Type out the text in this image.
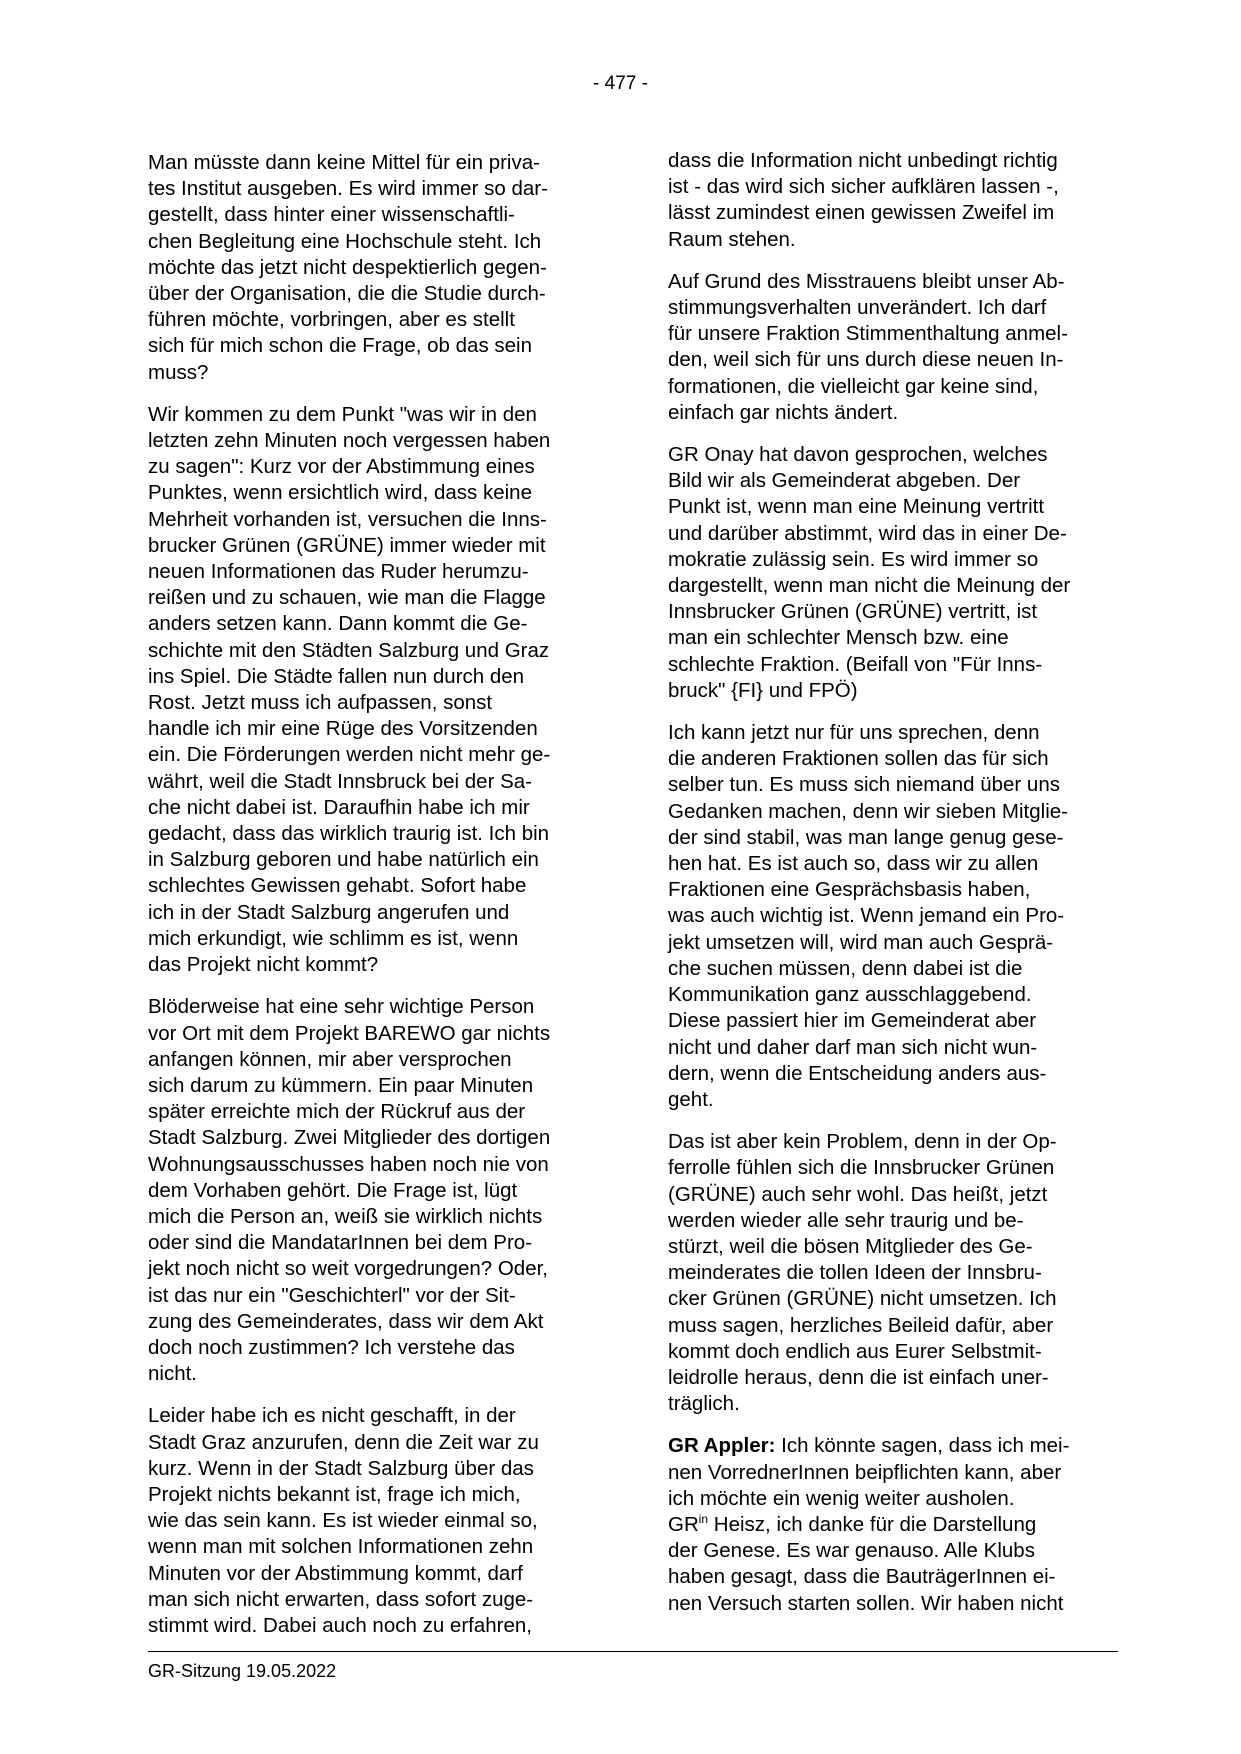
- 477 -
Man müsste dann keine Mittel für ein priva-
tes Institut ausgeben. Es wird immer so dar-
gestellt, dass hinter einer wissenschaftli-
chen Begleitung eine Hochschule steht. Ich
möchte das jetzt nicht despektierlich gegen-
über der Organisation, die die Studie durch-
führen möchte, vorbringen, aber es stellt
sich für mich schon die Frage, ob das sein
muss?
Wir kommen zu dem Punkt "was wir in den
letzten zehn Minuten noch vergessen haben
zu sagen": Kurz vor der Abstimmung eines
Punktes, wenn ersichtlich wird, dass keine
Mehrheit vorhanden ist, versuchen die Inns-
brucker Grünen (GRÜNE) immer wieder mit
neuen Informationen das Ruder herumzu-
reißen und zu schauen, wie man die Flagge
anders setzen kann. Dann kommt die Ge-
schichte mit den Städten Salzburg und Graz
ins Spiel. Die Städte fallen nun durch den
Rost. Jetzt muss ich aufpassen, sonst
handle ich mir eine Rüge des Vorsitzenden
ein. Die Förderungen werden nicht mehr ge-
währt, weil die Stadt Innsbruck bei der Sa-
che nicht dabei ist. Daraufhin habe ich mir
gedacht, dass das wirklich traurig ist. Ich bin
in Salzburg geboren und habe natürlich ein
schlechtes Gewissen gehabt. Sofort habe
ich in der Stadt Salzburg angerufen und
mich erkundigt, wie schlimm es ist, wenn
das Projekt nicht kommt?
Blöderweise hat eine sehr wichtige Person
vor Ort mit dem Projekt BAREWO gar nichts
anfangen können, mir aber versprochen
sich darum zu kümmern. Ein paar Minuten
später erreichte mich der Rückruf aus der
Stadt Salzburg. Zwei Mitglieder des dortigen
Wohnungsausschusses haben noch nie von
dem Vorhaben gehört. Die Frage ist, lügt
mich die Person an, weiß sie wirklich nichts
oder sind die MandatarInnen bei dem Pro-
jekt noch nicht so weit vorgedrungen? Oder,
ist das nur ein "Geschichterl" vor der Sit-
zung des Gemeinderates, dass wir dem Akt
doch noch zustimmen? Ich verstehe das
nicht.
Leider habe ich es nicht geschafft, in der
Stadt Graz anzurufen, denn die Zeit war zu
kurz. Wenn in der Stadt Salzburg über das
Projekt nichts bekannt ist, frage ich mich,
wie das sein kann. Es ist wieder einmal so,
wenn man mit solchen Informationen zehn
Minuten vor der Abstimmung kommt, darf
man sich nicht erwarten, dass sofort zuge-
stimmt wird. Dabei auch noch zu erfahren,
dass die Information nicht unbedingt richtig
ist - das wird sich sicher aufklären lassen -,
lässt zumindest einen gewissen Zweifel im
Raum stehen.
Auf Grund des Misstrauens bleibt unser Ab-
stimmungsverhalten unverändert. Ich darf
für unsere Fraktion Stimmenthaltung anmel-
den, weil sich für uns durch diese neuen In-
formationen, die vielleicht gar keine sind,
einfach gar nichts ändert.
GR Onay hat davon gesprochen, welches
Bild wir als Gemeinderat abgeben. Der
Punkt ist, wenn man eine Meinung vertritt
und darüber abstimmt, wird das in einer De-
mokratie zulässig sein. Es wird immer so
dargestellt, wenn man nicht die Meinung der
Innsbrucker Grünen (GRÜNE) vertritt, ist
man ein schlechter Mensch bzw. eine
schlechte Fraktion. (Beifall von "Für Inns-
bruck" {FI} und FPÖ)
Ich kann jetzt nur für uns sprechen, denn
die anderen Fraktionen sollen das für sich
selber tun. Es muss sich niemand über uns
Gedanken machen, denn wir sieben Mitglie-
der sind stabil, was man lange genug gese-
hen hat. Es ist auch so, dass wir zu allen
Fraktionen eine Gesprächsbasis haben,
was auch wichtig ist. Wenn jemand ein Pro-
jekt umsetzen will, wird man auch Gesprä-
che suchen müssen, denn dabei ist die
Kommunikation ganz ausschlaggebend.
Diese passiert hier im Gemeinderat aber
nicht und daher darf man sich nicht wun-
dern, wenn die Entscheidung anders aus-
geht.
Das ist aber kein Problem, denn in der Op-
ferrolle fühlen sich die Innsbrucker Grünen
(GRÜNE) auch sehr wohl. Das heißt, jetzt
werden wieder alle sehr traurig und be-
stürzt, weil die bösen Mitglieder des Ge-
meinderates die tollen Ideen der Innsbru-
cker Grünen (GRÜNE) nicht umsetzen. Ich
muss sagen, herzliches Beileid dafür, aber
kommt doch endlich aus Eurer Selbstmit-
leidrolle heraus, denn die ist einfach uner-
träglich.
GR Appler: Ich könnte sagen, dass ich mei-
nen VorrednerInnen beipflichten kann, aber
ich möchte ein wenig weiter ausholen.
$GR^{in}$ Heisz, ich danke für die Darstellung
der Genese. Es war genauso. Alle Klubs
haben gesagt, dass die BauträgerInnen ei-
nen Versuch starten sollen. Wir haben nicht
GR-Sitzung 19.05.2022
